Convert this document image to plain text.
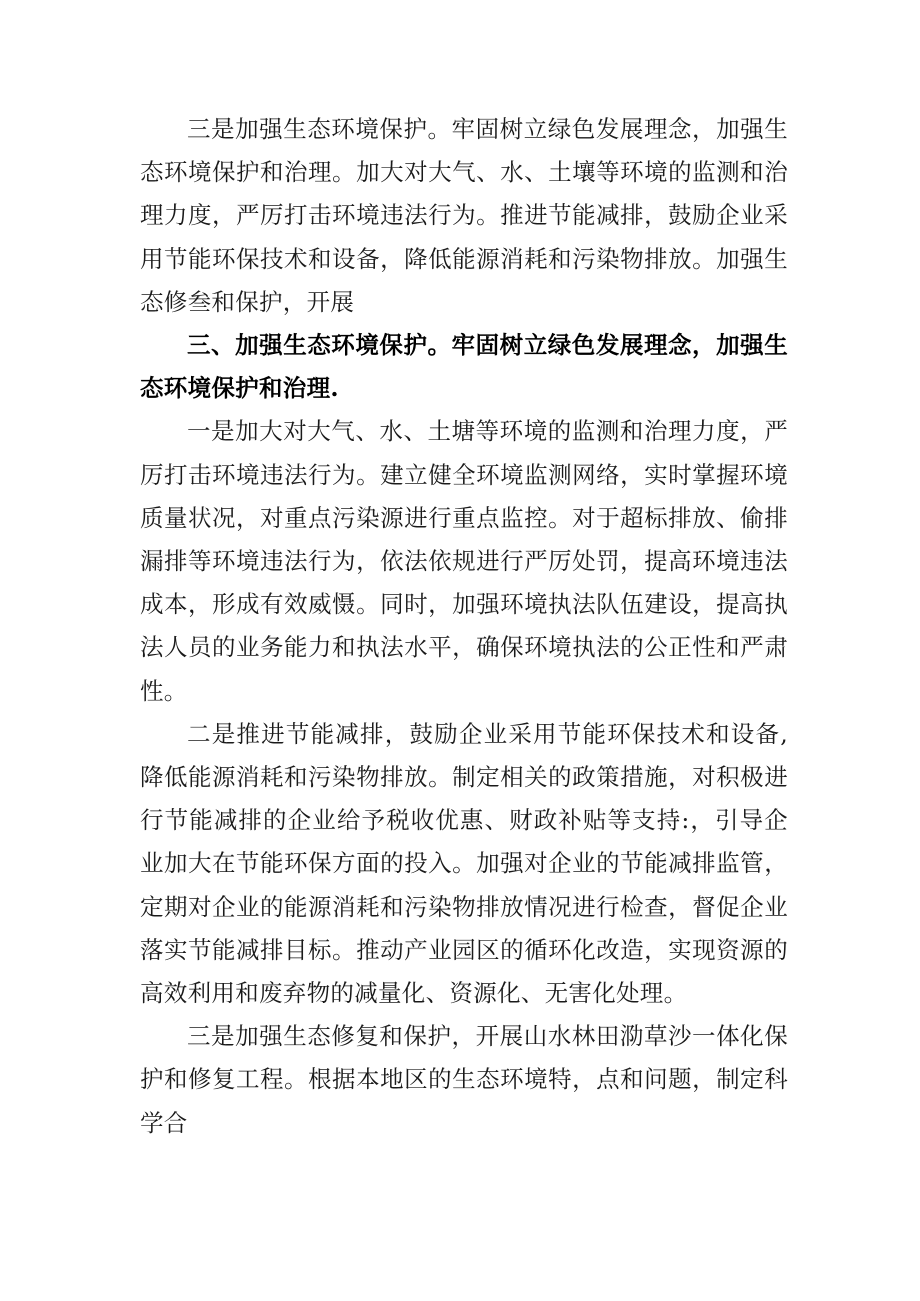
三是加强生态环境保护。牢固树立绿色发展理念，加强生态环境保护和治理。加大对大气、水、土壤等环境的监测和治理力度，严厉打击环境违法行为。推进节能减排，鼓励企业采用节能环保技术和设备，降低能源消耗和污染物排放。加强生态修叁和保护，开展

三、加强生态环境保护。牢固树立绿色发展理念，加强生态环境保护和治理.

一是加大对大气、水、土塘等环境的监测和治理力度，严厉打击环境违法行为。建立健全环境监测网络，实时掌握环境质量状况，对重点污染源进行重点监控。对于超标排放、偷排漏排等环境违法行为，依法依规进行严厉处罚，提高环境违法成本，形成有效威慑。同时，加强环境执法队伍建设，提高执法人员的业务能力和执法水平，确保环境执法的公正性和严肃性。

二是推进节能减排，鼓励企业采用节能环保技术和设备,降低能源消耗和污染物排放。制定相关的政策措施，对积极进行节能减排的企业给予税收优惠、财政补贴等支持:，引导企业加大在节能环保方面的投入。加强对企业的节能减排监管，定期对企业的能源消耗和污染物排放情况进行检查，督促企业落实节能减排目标。推动产业园区的循环化改造，实现资源的高效利用和废弃物的减量化、资源化、无害化处理。

三是加强生态修复和保护，开展山水林田泐草沙一体化保护和修复工程。根据本地区的生态环境特，点和问题，制定科学合
